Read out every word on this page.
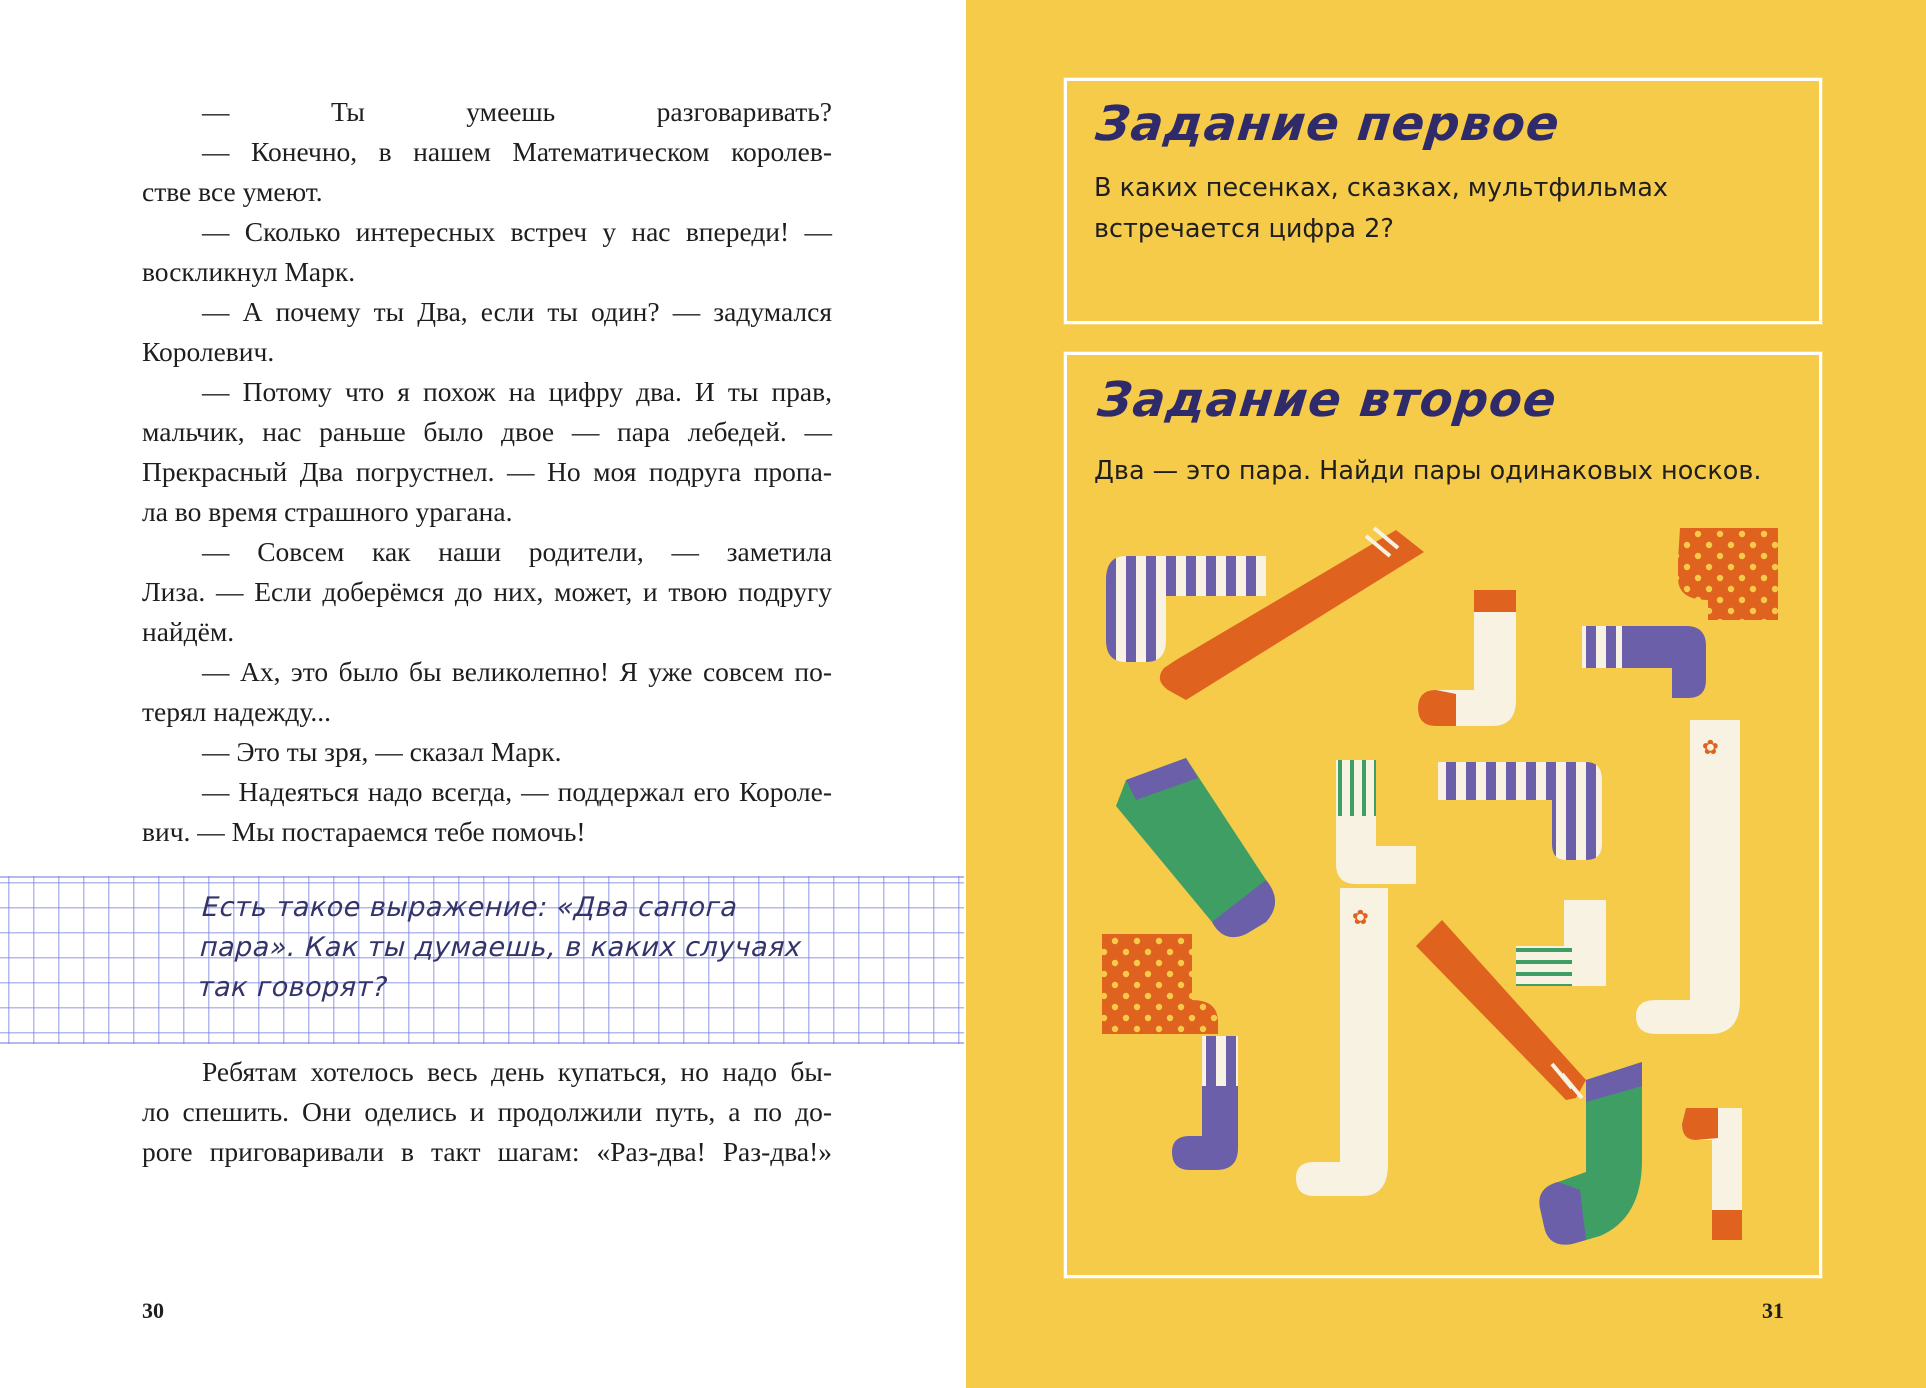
— Ты умеешь разговаривать?

— Конечно, в нашем Математическом королев-

стве все умеют.

— Сколько интересных встреч у нас впереди! —

воскликнул Марк.

— А почему ты Два, если ты один? — задумался

Королевич.

— Потому что я похож на цифру два. И ты прав,

мальчик, нас раньше было двое — пара лебедей. —

Прекрасный Два погрустнел. — Но моя подруга пропа-

ла во время страшного урагана.

— Совсем как наши родители, — заметила

Лиза. — Если доберёмся до них, может, и твою подругу

найдём.

— Ах, это было бы великолепно! Я уже совсем по-

терял надежду...

— Это ты зря, — сказал Марк.

— Надеяться надо всегда, — поддержал его Короле-

вич. — Мы постараемся тебе помочь!

Есть такое выражение: «Два сапога
пара». Как ты думаешь, в каких случаях
так говорят?

Ребятам хотелось весь день купаться, но надо бы-

ло спешить. Они оделись и продолжили путь, а по до-

роге приговаривали в такт шагам: «Раз-два! Раз-два!»

30
Задание первое
В каких песенках, сказках, мультфильмах
встречается цифра 2?
Задание второе
Два — это пара. Найди пары одинаковых носков.
✿
✿
31
